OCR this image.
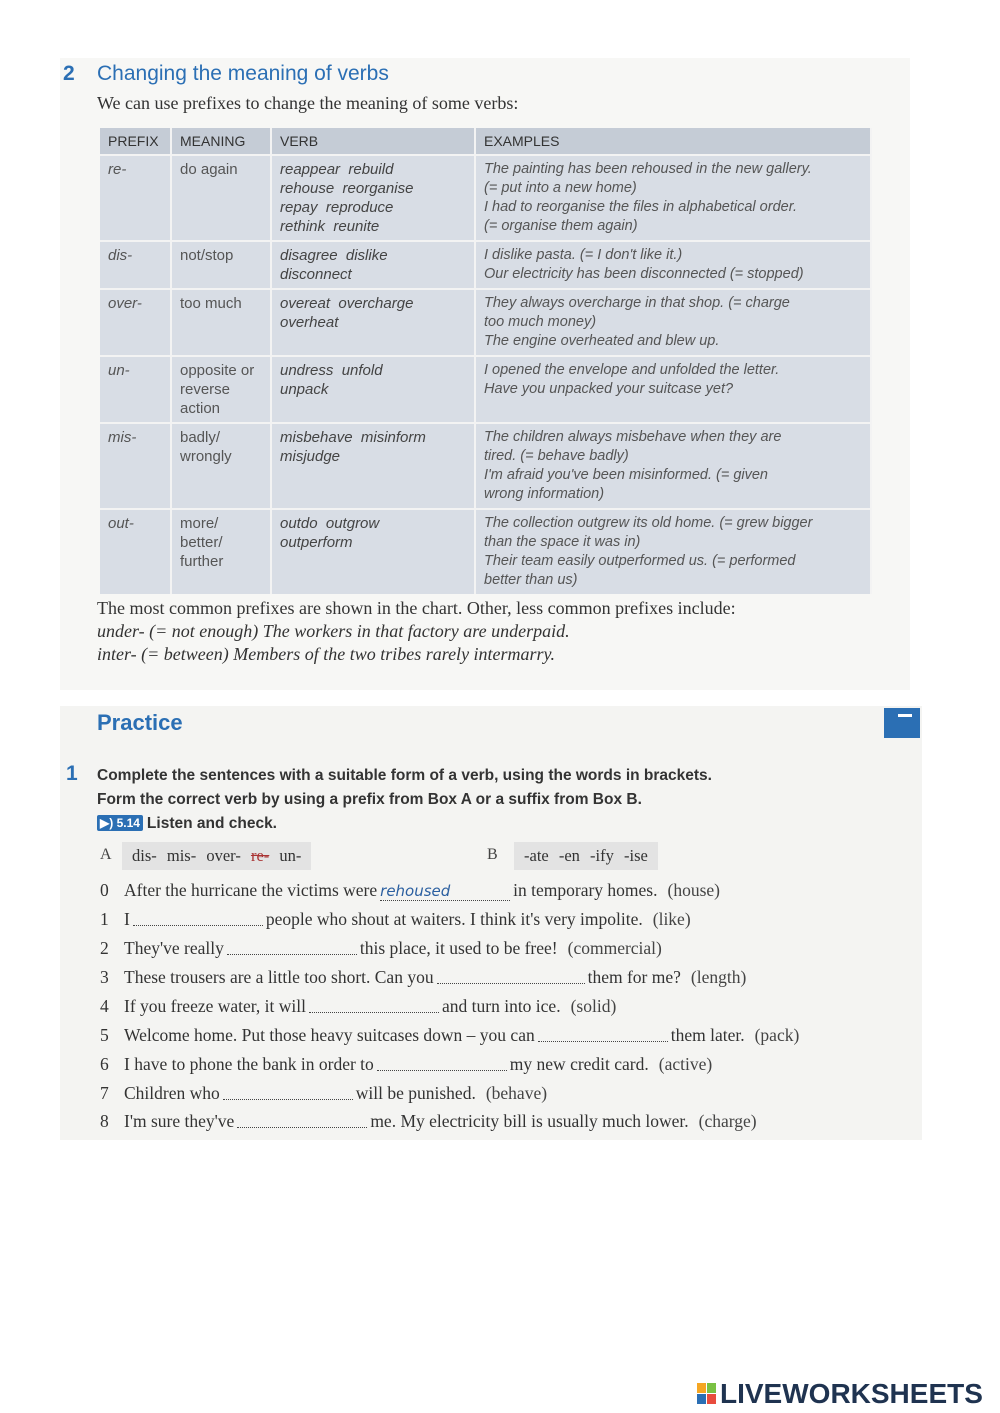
2 Changing the meaning of verbs
We can use prefixes to change the meaning of some verbs:
PREFIX	MEANING	VERB	EXAMPLES
re-	do again	reappear  rebuild
rehouse  reorganise
repay  reproduce
rethink  reunite	The painting has been rehoused in the new gallery.
(= put into a new home)
I had to reorganise the files in alphabetical order.
(= organise them again)

dis-	not/stop	disagree  dislike
disconnect	I dislike pasta. (= I don't like it.)
Our electricity has been disconnected (= stopped)

over-	too much	overeat  overcharge
overheat	They always overcharge in that shop. (= charge
too much money)
The engine overheated and blew up.

un-	opposite or reverse action	undress  unfold
unpack	I opened the envelope and unfolded the letter.
Have you unpacked your suitcase yet?

mis-	badly/ wrongly	misbehave  misinform
misjudge	The children always misbehave when they are
tired. (= behave badly)
I'm afraid you've been misinformed. (= given
wrong information)

out-	more/ better/ further	outdo  outgrow
outperform	The collection outgrew its old home. (= grew bigger
than the space it was in)
Their team easily outperformed us. (= performed
better than us)
The most common prefixes are shown in the chart. Other, less common prefixes include:
under- (= not enough) The workers in that factory are underpaid.
inter- (= between) Members of the two tribes rarely intermarry.
Practice
1 Complete the sentences with a suitable form of a verb, using the words in brackets.
Form the correct verb by using a prefix from Box A or a suffix from Box B.
▶) 5.14 Listen and check.
A	dis- mis- over- re- un-	B	-ate -en -ify -ise
0 After the hurricane the victims were rehoused	in temporary homes. (house)
1 I	people who shout at waiters. I think it's very impolite. (like)
2 They've really	this place, it used to be free! (commercial)
3 These trousers are a little too short. Can you	them for me? (length)
4 If you freeze water, it will	and turn into ice. (solid)
5 Welcome home. Put those heavy suitcases down – you can	them later. (pack)
6 I have to phone the bank in order to	my new credit card. (active)
7 Children who	will be punished. (behave)
8 I'm sure they've	me. My electricity bill is usually much lower. (charge)
LIVEWORKSHEETS
